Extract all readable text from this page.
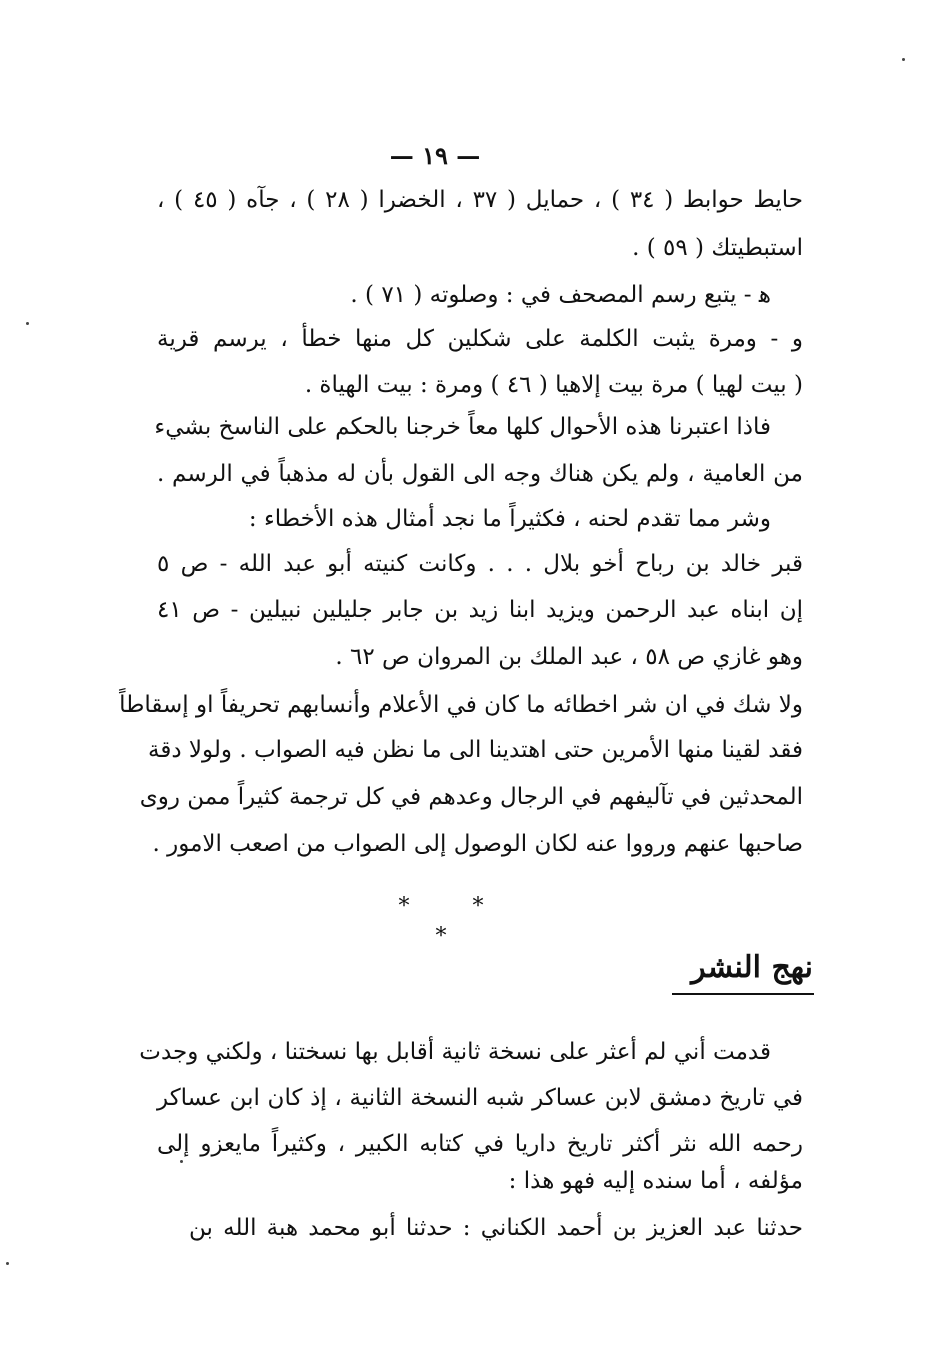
— ١٩ —
حايط حوابط ( ٣٤ ) ، حمايل ( ٣٧ ، الخضرا ( ٢٨ ) ، جآه ( ٤٥ ) ،
استبطيتك ( ٥٩ ) .
ﻫ - يتبع رسم المصحف في : وصلوته ( ٧١ ) .
و - ومرة يثبت الكلمة على شكلين كل منها خطأ ، يرسم قرية
( بيت لهيا ) مرة بيت إلاهيا ( ٤٦ ) ومرة : بيت الهياة .
فاذا اعتبرنا هذه الأحوال كلها معاً خرجنا بالحكم على الناسخ بشيء
من العامية ، ولم يكن هناك وجه الى القول بأن له مذهباً في الرسم .
وشر مما تقدم لحنه ، فكثيراً ما نجد أمثال هذه الأخطاء :
قبر خالد بن رباح أخو بلال . . . وكانت كنيته أبو عبد الله - ص ٥
إن ابناه عبد الرحمن ويزيد ابنا زيد بن جابر جليلين نبيلين - ص ٤١
وهو غازي ص ٥٨ ، عبد الملك بن المروان ص ٦٢ .
ولا شك في ان شر اخطائه ما كان في الأعلام وأنسابهم تحريفاً او إسقاطاً
فقد لقينا منها الأمرين حتى اهتدينا الى ما نظن فيه الصواب . ولولا دقة
المحدثين في تآليفهم في الرجال وعدهم في كل ترجمة كثيراً ممن روى
صاحبها عنهم ورووا عنه لكان الوصول إلى الصواب من اصعب الامور .
* * *
نهج النشر
قدمت أني لم أعثر على نسخة ثانية أقابل بها نسختنا ، ولكني وجدت
في تاريخ دمشق لابن عساكر شبه النسخة الثانية ، إذ كان ابن عساكر
رحمه الله نثر أكثر تاريخ داريا في كتابه الكبير ، وكثيراً مايعزو إلى
مؤلفه ، أما سنده إليه فهو هذا :
حدثنا عبد العزيز بن أحمد الكناني : حدثنا أبو محمد هبة الله بن
